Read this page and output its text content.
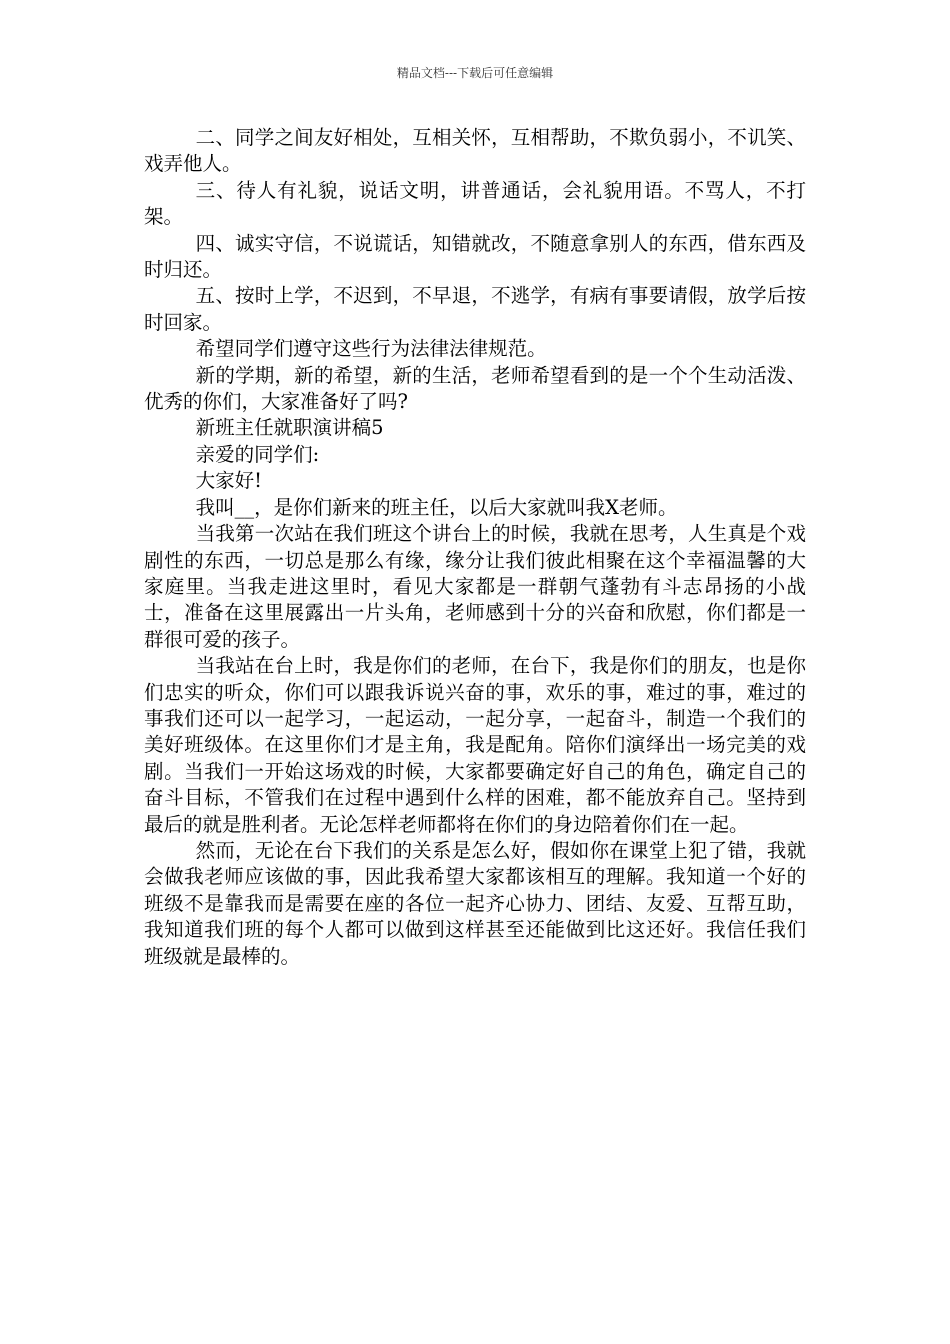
精品文档---下载后可任意编辑

二、同学之间友好相处，互相关怀，互相帮助，不欺负弱小，不讥笑、戏弄他人。

三、待人有礼貌，说话文明，讲普通话，会礼貌用语。不骂人，不打架。

四、诚实守信，不说谎话，知错就改，不随意拿别人的东西，借东西及时归还。

五、按时上学，不迟到，不早退，不逃学，有病有事要请假，放学后按时回家。

希望同学们遵守这些行为法律法律规范。

新的学期，新的希望，新的生活，老师希望看到的是一个个生动活泼、优秀的你们，大家准备好了吗?

新班主任就职演讲稿5

亲爱的同学们:

大家好!

我叫__，是你们新来的班主任，以后大家就叫我X老师。

当我第一次站在我们班这个讲台上的时候，我就在思考，人生真是个戏剧性的东西，一切总是那么有缘，缘分让我们彼此相聚在这个幸福温馨的大家庭里。当我走进这里时，看见大家都是一群朝气蓬勃有斗志昂扬的小战士，准备在这里展露出一片头角，老师感到十分的兴奋和欣慰，你们都是一群很可爱的孩子。

当我站在台上时，我是你们的老师，在台下，我是你们的朋友，也是你们忠实的听众，你们可以跟我诉说兴奋的事，欢乐的事，难过的事，难过的事我们还可以一起学习，一起运动，一起分享，一起奋斗，制造一个我们的美好班级体。在这里你们才是主角，我是配角。陪你们演绎出一场完美的戏剧。当我们一开始这场戏的时候，大家都要确定好自己的角色，确定自己的奋斗目标，不管我们在过程中遇到什么样的困难，都不能放弃自己。坚持到最后的就是胜利者。无论怎样老师都将在你们的身边陪着你们在一起。

然而，无论在台下我们的关系是怎么好，假如你在课堂上犯了错，我就会做我老师应该做的事，因此我希望大家都该相互的理解。我知道一个好的班级不是靠我而是需要在座的各位一起齐心协力、团结、友爱、互帮互助，我知道我们班的每个人都可以做到这样甚至还能做到比这还好。我信任我们班级就是最棒的。
